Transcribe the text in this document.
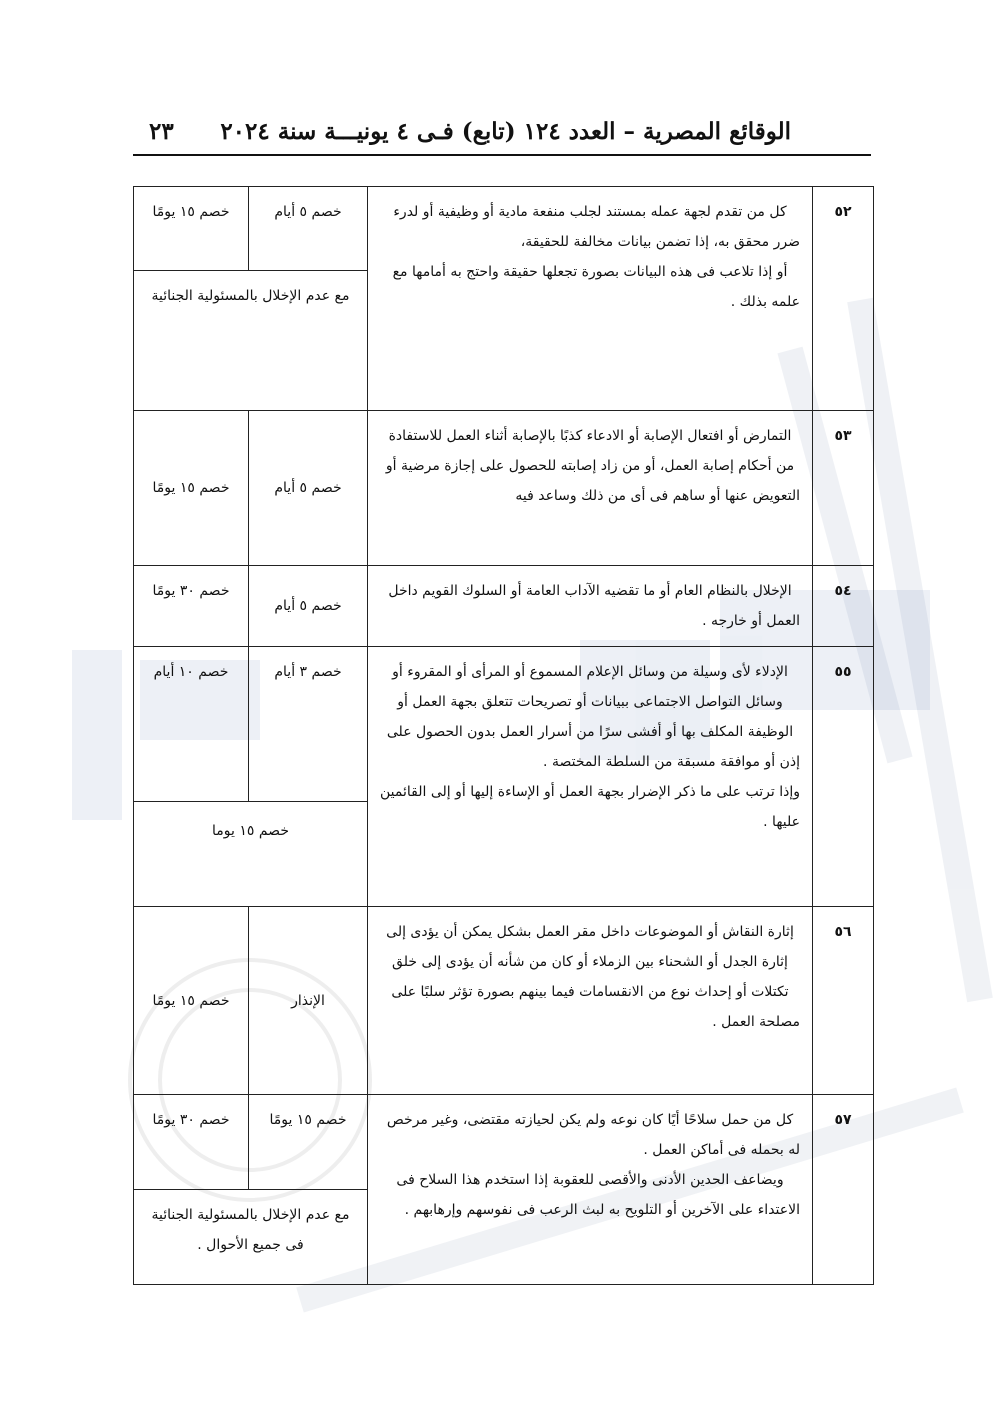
الوقائع المصرية – العدد ١٢٤ (تابع) فـى ٤ يونيـــة سنة ٢٠٢٤
٢٣
٥٢	كل من تقدم لجهة عمله بمستند لجلب منفعة مادية أو وظيفية أو لدرء ضرر محقق به، إذا تضمن بيانات مخالفة للحقيقة،

أو إذا تلاعب فى هذه البيانات بصورة تجعلها حقيقة واحتج به أمامها مع علمه بذلك .	خصم ٥ أيام	خصم ١٥ يومًا
		مع عدم الإخلال بالمسئولية الجنائية	
٥٣	التمارض أو افتعال الإصابة أو الادعاء كذبًا بالإصابة أثناء العمل للاستفادة من أحكام إصابة العمل، أو من زاد إصابته للحصول على إجازة مرضية أو التعويض عنها أو ساهم فى أى من ذلك وساعد فيه	خصم ٥ أيام	خصم ١٥ يومًا
٥٤	الإخلال بالنظام العام أو ما تقضيه الآداب العامة أو السلوك القويم داخل العمل أو خارجه .	خصم ٥ أيام	خصم ٣٠ يومًا
٥٥	الإدلاء لأى وسيلة من وسائل الإعلام المسموع أو المرأى أو المقروء أو وسائل التواصل الاجتماعى ببيانات أو تصريحات تتعلق بجهة العمل أو الوظيفة المكلف بها أو أفشى سرًا من أسرار العمل بدون الحصول على إذن أو موافقة مسبقة من السلطة المختصة .

وإذا ترتب على ما ذكر الإضرار بجهة العمل أو الإساءة إليها أو إلى القائمين عليها .	خصم ٣ أيام	خصم ١٠ أيام
		خصم ١٥ يوما	
٥٦	إثارة النقاش أو الموضوعات داخل مقر العمل بشكل يمكن أن يؤدى إلى إثارة الجدل أو الشحناء بين الزملاء أو كان من شأنه أن يؤدى إلى خلق تكتلات أو إحداث نوع من الانقسامات فيما بينهم بصورة تؤثر سلبًا على مصلحة العمل .	الإنذار	خصم ١٥ يومًا
٥٧	كل من حمل سلاحًا أيًا كان نوعه ولم يكن لحيازته مقتضى، وغير مرخص له بحمله فى أماكن العمل .

ويضاعف الحدين الأدنى والأقصى للعقوبة إذا استخدم هذا السلاح فى الاعتداء على الآخرين أو التلويح به لبث الرعب فى نفوسهم وإرهابهم .	خصم ١٥ يومًا	خصم ٣٠ يومًا
		مع عدم الإخلال بالمسئولية الجنائية فى جميع الأحوال .	
